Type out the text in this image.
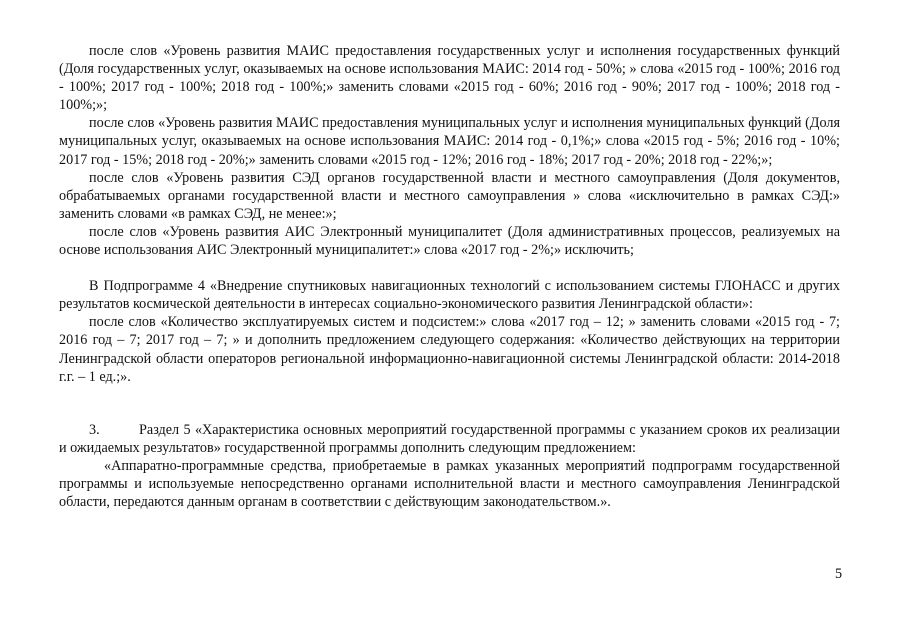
после слов «Уровень развития МАИС предоставления государственных услуг и исполнения государственных функций (Доля государственных услуг, оказываемых на основе использования МАИС: 2014 год - 50%; » слова «2015 год - 100%; 2016 год - 100%; 2017 год - 100%; 2018 год - 100%;» заменить словами «2015 год - 60%; 2016 год - 90%; 2017 год - 100%; 2018 год - 100%;»;

после слов «Уровень развития МАИС предоставления муниципальных услуг и исполнения муниципальных функций (Доля муниципальных услуг, оказываемых на основе использования МАИС: 2014 год - 0,1%;» слова «2015 год - 5%; 2016 год - 10%; 2017 год - 15%; 2018 год - 20%;» заменить словами «2015 год - 12%; 2016 год - 18%; 2017 год - 20%; 2018 год - 22%;»;

после слов «Уровень развития СЭД органов государственной власти и местного самоуправления (Доля документов, обрабатываемых органами государственной власти и местного самоуправления » слова «исключительно в рамках СЭД:» заменить словами «в рамках СЭД, не менее:»;

после слов «Уровень развития АИС Электронный муниципалитет (Доля административных процессов, реализуемых на основе использования АИС Электронный муниципалитет:» слова «2017 год - 2%;» исключить;

В Подпрограмме 4 «Внедрение спутниковых навигационных технологий с использованием системы ГЛОНАСС и других результатов космической деятельности в интересах социально-экономического развития Ленинградской области»:

после слов «Количество эксплуатируемых систем и подсистем:» слова «2017 год – 12; » заменить словами «2015 год - 7; 2016 год – 7; 2017 год – 7; » и дополнить предложением следующего содержания: «Количество действующих на территории Ленинградской области операторов региональной информационно-навигационной системы Ленинградской области: 2014-2018 г.г. – 1 ед.;».

3.	Раздел 5 «Характеристика основных мероприятий государственной программы с указанием сроков их реализации и ожидаемых результатов» государственной программы дополнить следующим предложением:

«Аппаратно-программные средства, приобретаемые в рамках указанных мероприятий подпрограмм государственной программы и используемые непосредственно органами исполнительной власти и местного самоуправления Ленинградской области, передаются данным органам в соответствии с действующим законодательством.».

5
